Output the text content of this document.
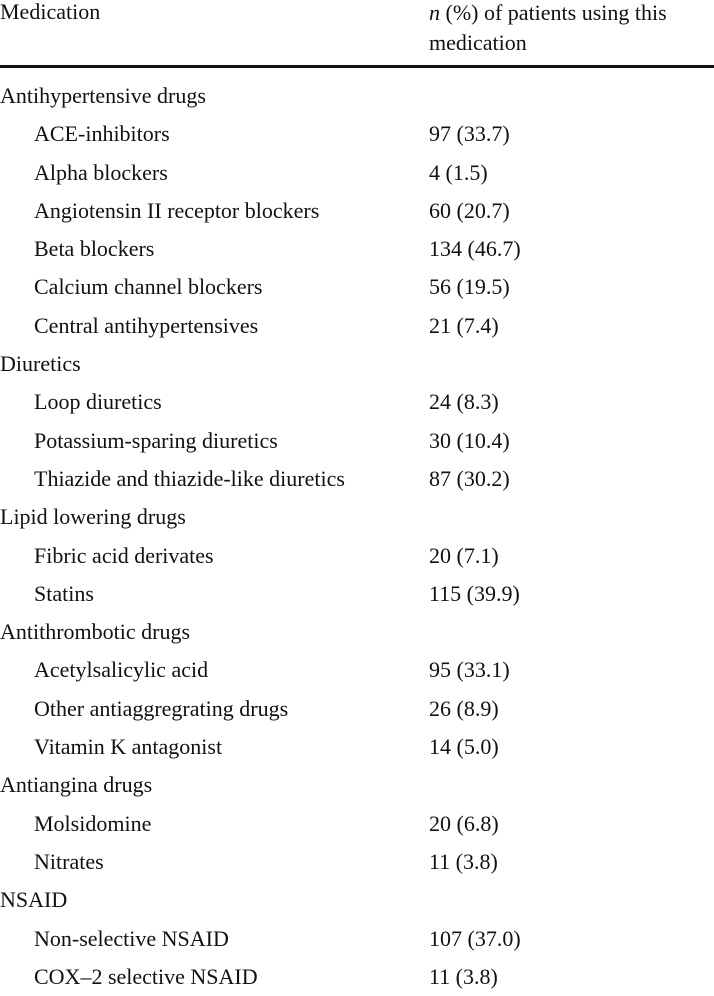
Medication	n (%) of patients using this
medication
Antihypertensive drugs
ACE-inhibitors	97 (33.7)
Alpha blockers	4 (1.5)
Angiotensin II receptor blockers	60 (20.7)
Beta blockers	134 (46.7)
Calcium channel blockers	56 (19.5)
Central antihypertensives	21 (7.4)
Diuretics
Loop diuretics	24 (8.3)
Potassium-sparing diuretics	30 (10.4)
Thiazide and thiazide-like diuretics	87 (30.2)
Lipid lowering drugs
Fibric acid derivates	20 (7.1)
Statins	115 (39.9)
Antithrombotic drugs
Acetylsalicylic acid	95 (33.1)
Other antiaggregrating drugs	26 (8.9)
Vitamin K antagonist	14 (5.0)
Antiangina drugs
Molsidomine	20 (6.8)
Nitrates	11 (3.8)
NSAID
Non-selective NSAID	107 (37.0)
COX–2 selective NSAID	11 (3.8)
